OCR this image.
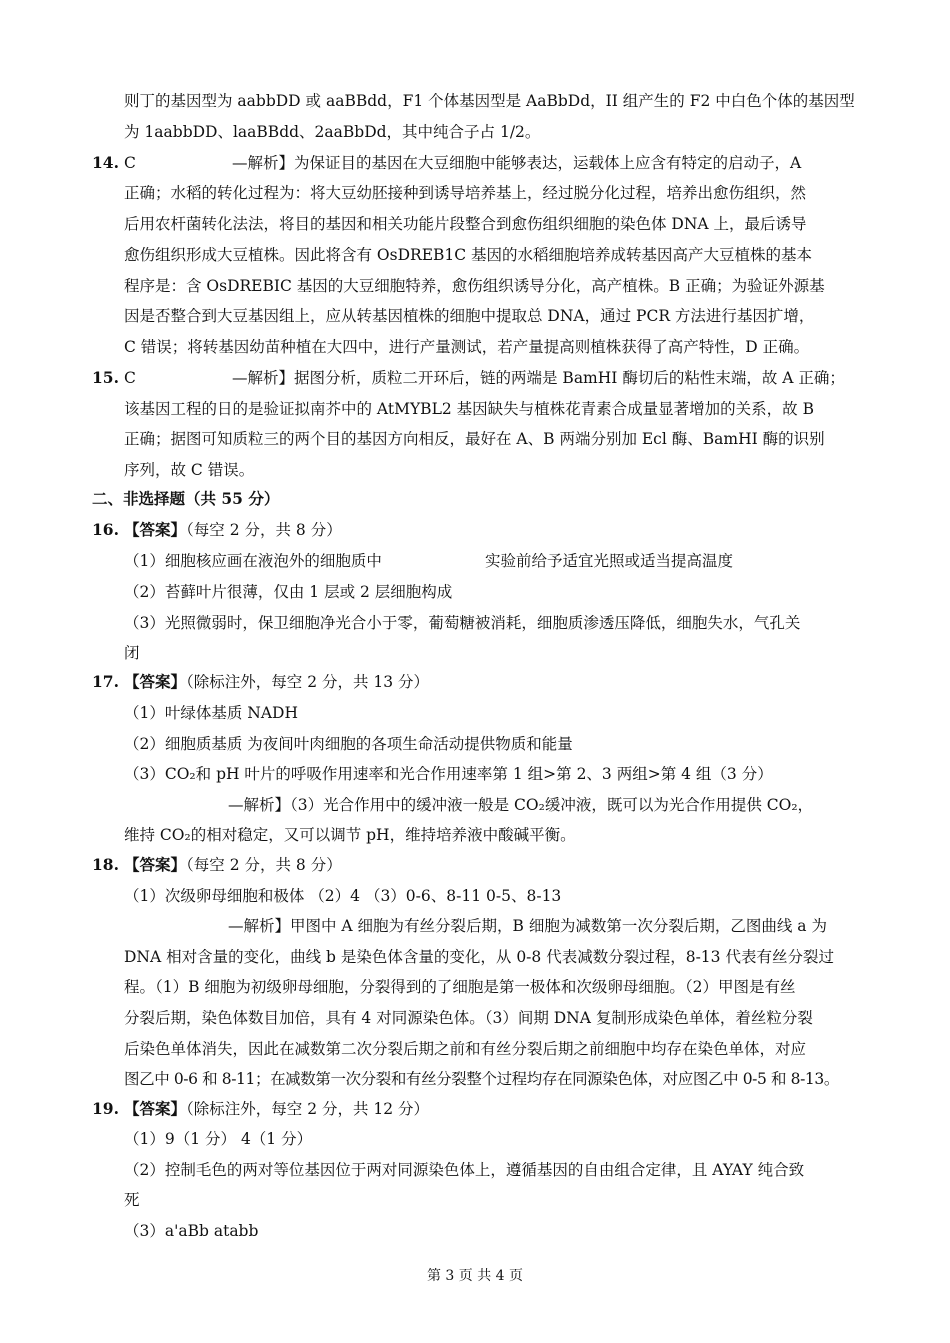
则丁的基因型为 aabbDD 或 aaBBdd，F1 个体基因型是 AaBbDd，II 组产生的 F2 中白色个体的基因型
为 1aabbDD、laaBBdd、2aaBbDd，其中纯合子占 1/2。
14. C	—解析】为保证目的基因在大豆细胞中能够表达，运载体上应含有特定的启动子，A
正确；水稻的转化过程为：将大豆幼胚接种到诱导培养基上，经过脱分化过程，培养出愈伤组织，然
后用农杆菌转化法法，将目的基因和相关功能片段整合到愈伤组织细胞的染色体 DNA 上，最后诱导
愈伤组织形成大豆植株。因此将含有 OsDREB1C 基因的水稻细胞培养成转基因高产大豆植株的基本
程序是：含 OsDREBIC 基因的大豆细胞特养，愈伤组织诱导分化，高产植株。B 正确；为验证外源基
因是否整合到大豆基因组上，应从转基因植株的细胞中提取总 DNA，通过 PCR 方法进行基因扩增，
C 错误；将转基因幼苗种植在大四中，进行产量测试，若产量提高则植株获得了高产特性，D 正确。
15. C	—解析】据图分析，质粒二开环后，链的两端是 BamHI 酶切后的粘性末端，故 A 正确；
该基因工程的日的是验证拟南芥中的 AtMYBL2 基因缺失与植株花青素合成量显著增加的关系，故 B
正确；据图可知质粒三的两个目的基因方向相反，最好在 A、B 两端分别加 Ecl 酶、BamHI 酶的识别
序列，故 C 错误。
二、非选择题（共 55 分）
16. 【答案】（每空 2 分，共 8 分）
（1）细胞核应画在液泡外的细胞质中	实验前给予适宜光照或适当提高温度
（2）苔藓叶片很薄，仅由 1 层或 2 层细胞构成
（3）光照微弱时，保卫细胞净光合小于零，葡萄糖被消耗，细胞质渗透压降低，细胞失水，气孔关
闭
17. 【答案】（除标注外，每空 2 分，共 13 分）
（1）叶绿体基质 NADH
（2）细胞质基质 为夜间叶肉细胞的各项生命活动提供物质和能量
（3）CO₂和 pH 叶片的呼吸作用速率和光合作用速率第 1 组>第 2、3 两组>第 4 组（3 分）
—解析】（3）光合作用中的缓冲液一般是 CO₂缓冲液，既可以为光合作用提供 CO₂，
维持 CO₂的相对稳定，又可以调节 pH，维持培养液中酸碱平衡。
18. 【答案】（每空 2 分，共 8 分）
（1）次级卵母细胞和极体 （2）4 （3）0-6、8-11 0-5、8-13
—解析】甲图中 A 细胞为有丝分裂后期，B 细胞为减数第一次分裂后期，乙图曲线 a 为
DNA 相对含量的变化，曲线 b 是染色体含量的变化，从 0-8 代表减数分裂过程，8-13 代表有丝分裂过
程。（1）B 细胞为初级卵母细胞，分裂得到的了细胞是第一极体和次级卵母细胞。（2）甲图是有丝
分裂后期，染色体数目加倍，具有 4 对同源染色体。（3）间期 DNA 复制形成染色单体，着丝粒分裂
后染色单体消失，因此在减数第二次分裂后期之前和有丝分裂后期之前细胞中均存在染色单体，对应
图乙中 0-6 和 8-11；在减数第一次分裂和有丝分裂整个过程均存在同源染色体，对应图乙中 0-5 和 8-13。
19. 【答案】（除标注外，每空 2 分，共 12 分）
（1）9（1 分） 4（1 分）
（2）控制毛色的两对等位基因位于两对同源染色体上，遵循基因的自由组合定律，且 AYAY 纯合致
死
（3）a'aBb atabb
第 3 页 共 4 页
